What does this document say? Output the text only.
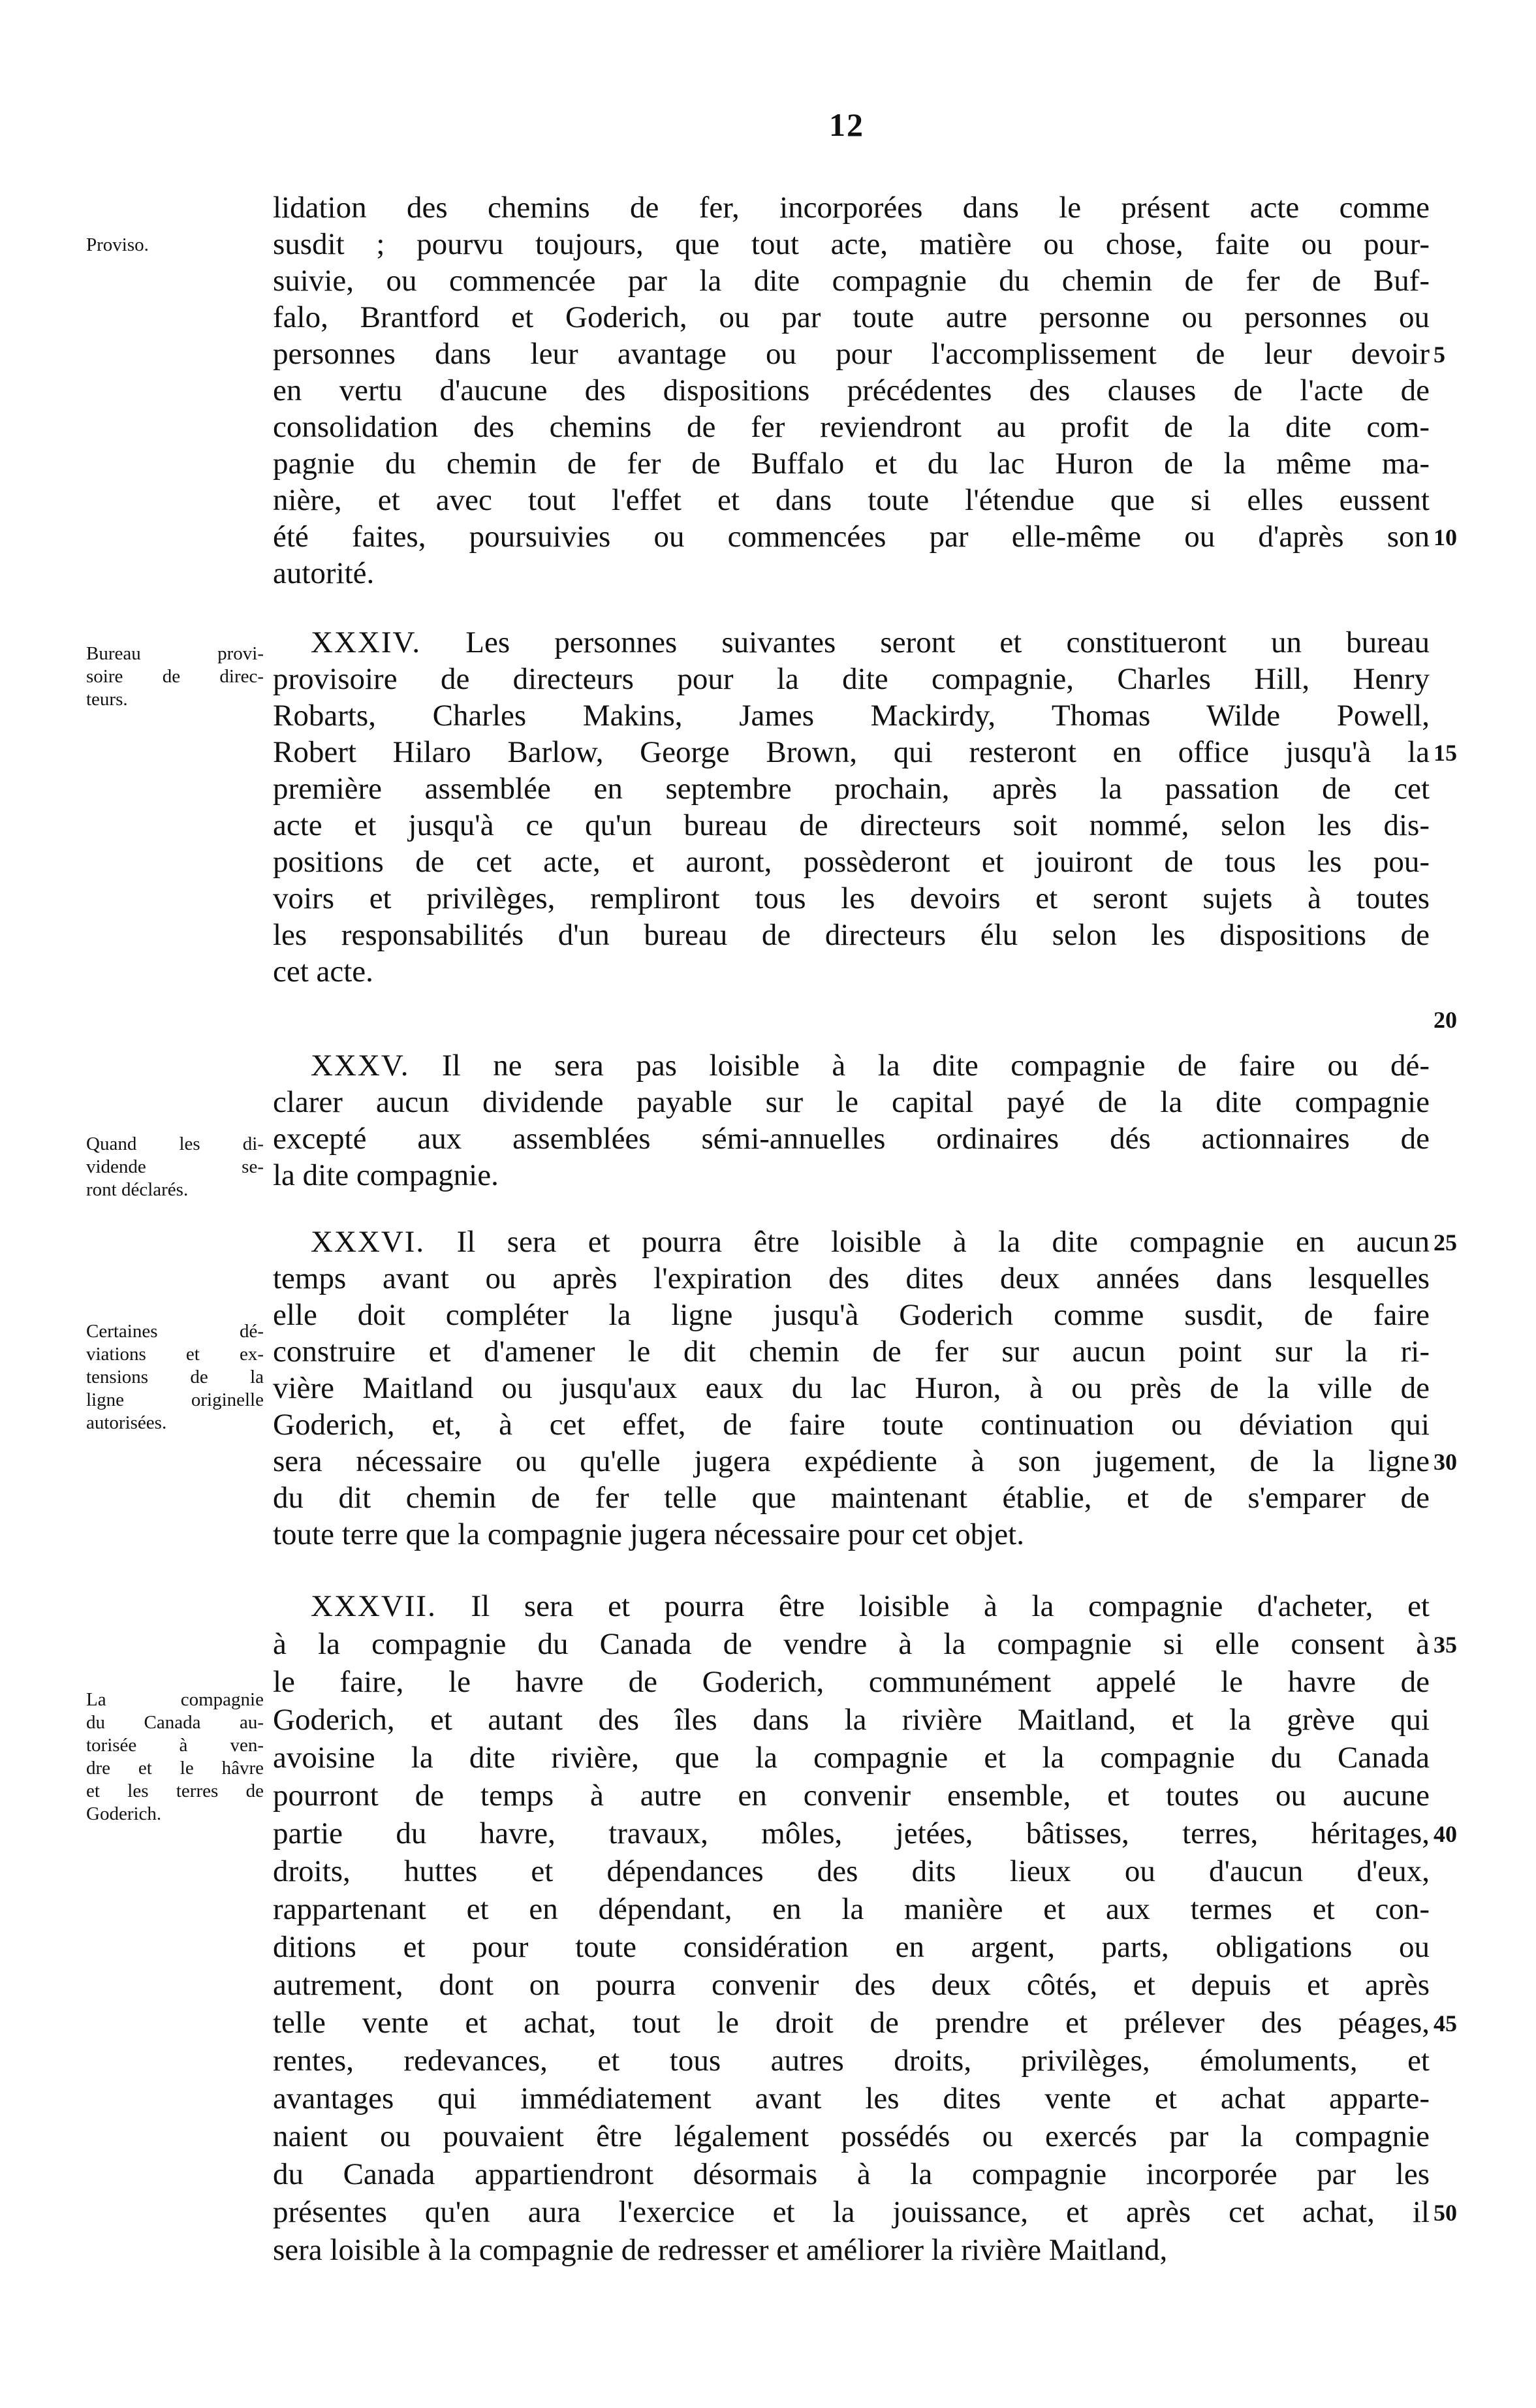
12
Proviso.
Bureau provi-
soire de direc-
teurs.
Quand les di-
vidende se-
ront déclarés.
Certaines dé-
viations et ex-
tensions de la
ligne originelle
autorisées.
La compagnie
du Canada au-
torisée à ven-
dre et le hâvre
et les terres de
Goderich.
lidation des chemins de fer, incorporées dans le présent acte comme
susdit ; pourvu toujours, que tout acte, matière ou chose, faite ou pour-
suivie, ou commencée par la dite compagnie du chemin de fer de Buf-
falo, Brantford et Goderich, ou par toute autre personne ou personnes ou
personnes dans leur avantage ou pour l'accomplissement de leur devoir
en vertu d'aucune des dispositions précédentes des clauses de l'acte de
consolidation des chemins de fer reviendront au profit de la dite com-
pagnie du chemin de fer de Buffalo et du lac Huron de la même ma-
nière, et avec tout l'effet et dans toute l'étendue que si elles eussent
été faites, poursuivies ou commencées par elle-même ou d'après son
autorité.
XXXIV. Les personnes suivantes seront et constitueront un bureau
provisoire de directeurs pour la dite compagnie, Charles Hill, Henry
Robarts, Charles Makins, James Mackirdy, Thomas Wilde Powell,
Robert Hilaro Barlow, George Brown, qui resteront en office jusqu'à la
première assemblée en septembre prochain, après la passation de cet
acte et jusqu'à ce qu'un bureau de directeurs soit nommé, selon les dis-
positions de cet acte, et auront, possèderont et jouiront de tous les pou-
voirs et privilèges, rempliront tous les devoirs et seront sujets à toutes
les responsabilités d'un bureau de directeurs élu selon les dispositions de
cet acte.
XXXV. Il ne sera pas loisible à la dite compagnie de faire ou dé-
clarer aucun dividende payable sur le capital payé de la dite compagnie
excepté aux assemblées sémi-annuelles ordinaires dés actionnaires de
la dite compagnie.
XXXVI. Il sera et pourra être loisible à la dite compagnie en aucun
temps avant ou après l'expiration des dites deux années dans lesquelles
elle doit compléter la ligne jusqu'à Goderich comme susdit, de faire
construire et d'amener le dit chemin de fer sur aucun point sur la ri-
vière Maitland ou jusqu'aux eaux du lac Huron, à ou près de la ville de
Goderich, et, à cet effet, de faire toute continuation ou déviation qui
sera nécessaire ou qu'elle jugera expédiente à son jugement, de la ligne
du dit chemin de fer telle que maintenant établie, et de s'emparer de
toute terre que la compagnie jugera nécessaire pour cet objet.
XXXVII. Il sera et pourra être loisible à la compagnie d'acheter, et
à la compagnie du Canada de vendre à la compagnie si elle consent à
le faire, le havre de Goderich, communément appelé le havre de
Goderich, et autant des îles dans la rivière Maitland, et la grève qui
avoisine la dite rivière, que la compagnie et la compagnie du Canada
pourront de temps à autre en convenir ensemble, et toutes ou aucune
partie du havre, travaux, môles, jetées, bâtisses, terres, héritages,
droits, huttes et dépendances des dits lieux ou d'aucun d'eux,
rappartenant et en dépendant, en la manière et aux termes et con-
ditions et pour toute considération en argent, parts, obligations ou
autrement, dont on pourra convenir des deux côtés, et depuis et après
telle vente et achat, tout le droit de prendre et prélever des péages,
rentes, redevances, et tous autres droits, privilèges, émoluments, et
avantages qui immédiatement avant les dites vente et achat apparte-
naient ou pouvaient être légalement possédés ou exercés par la compagnie
du Canada appartiendront désormais à la compagnie incorporée par les
présentes qu'en aura l'exercice et la jouissance, et après cet achat, il
sera loisible à la compagnie de redresser et améliorer la rivière Maitland,
5
10
15
20
25
30
35
40
45
50
